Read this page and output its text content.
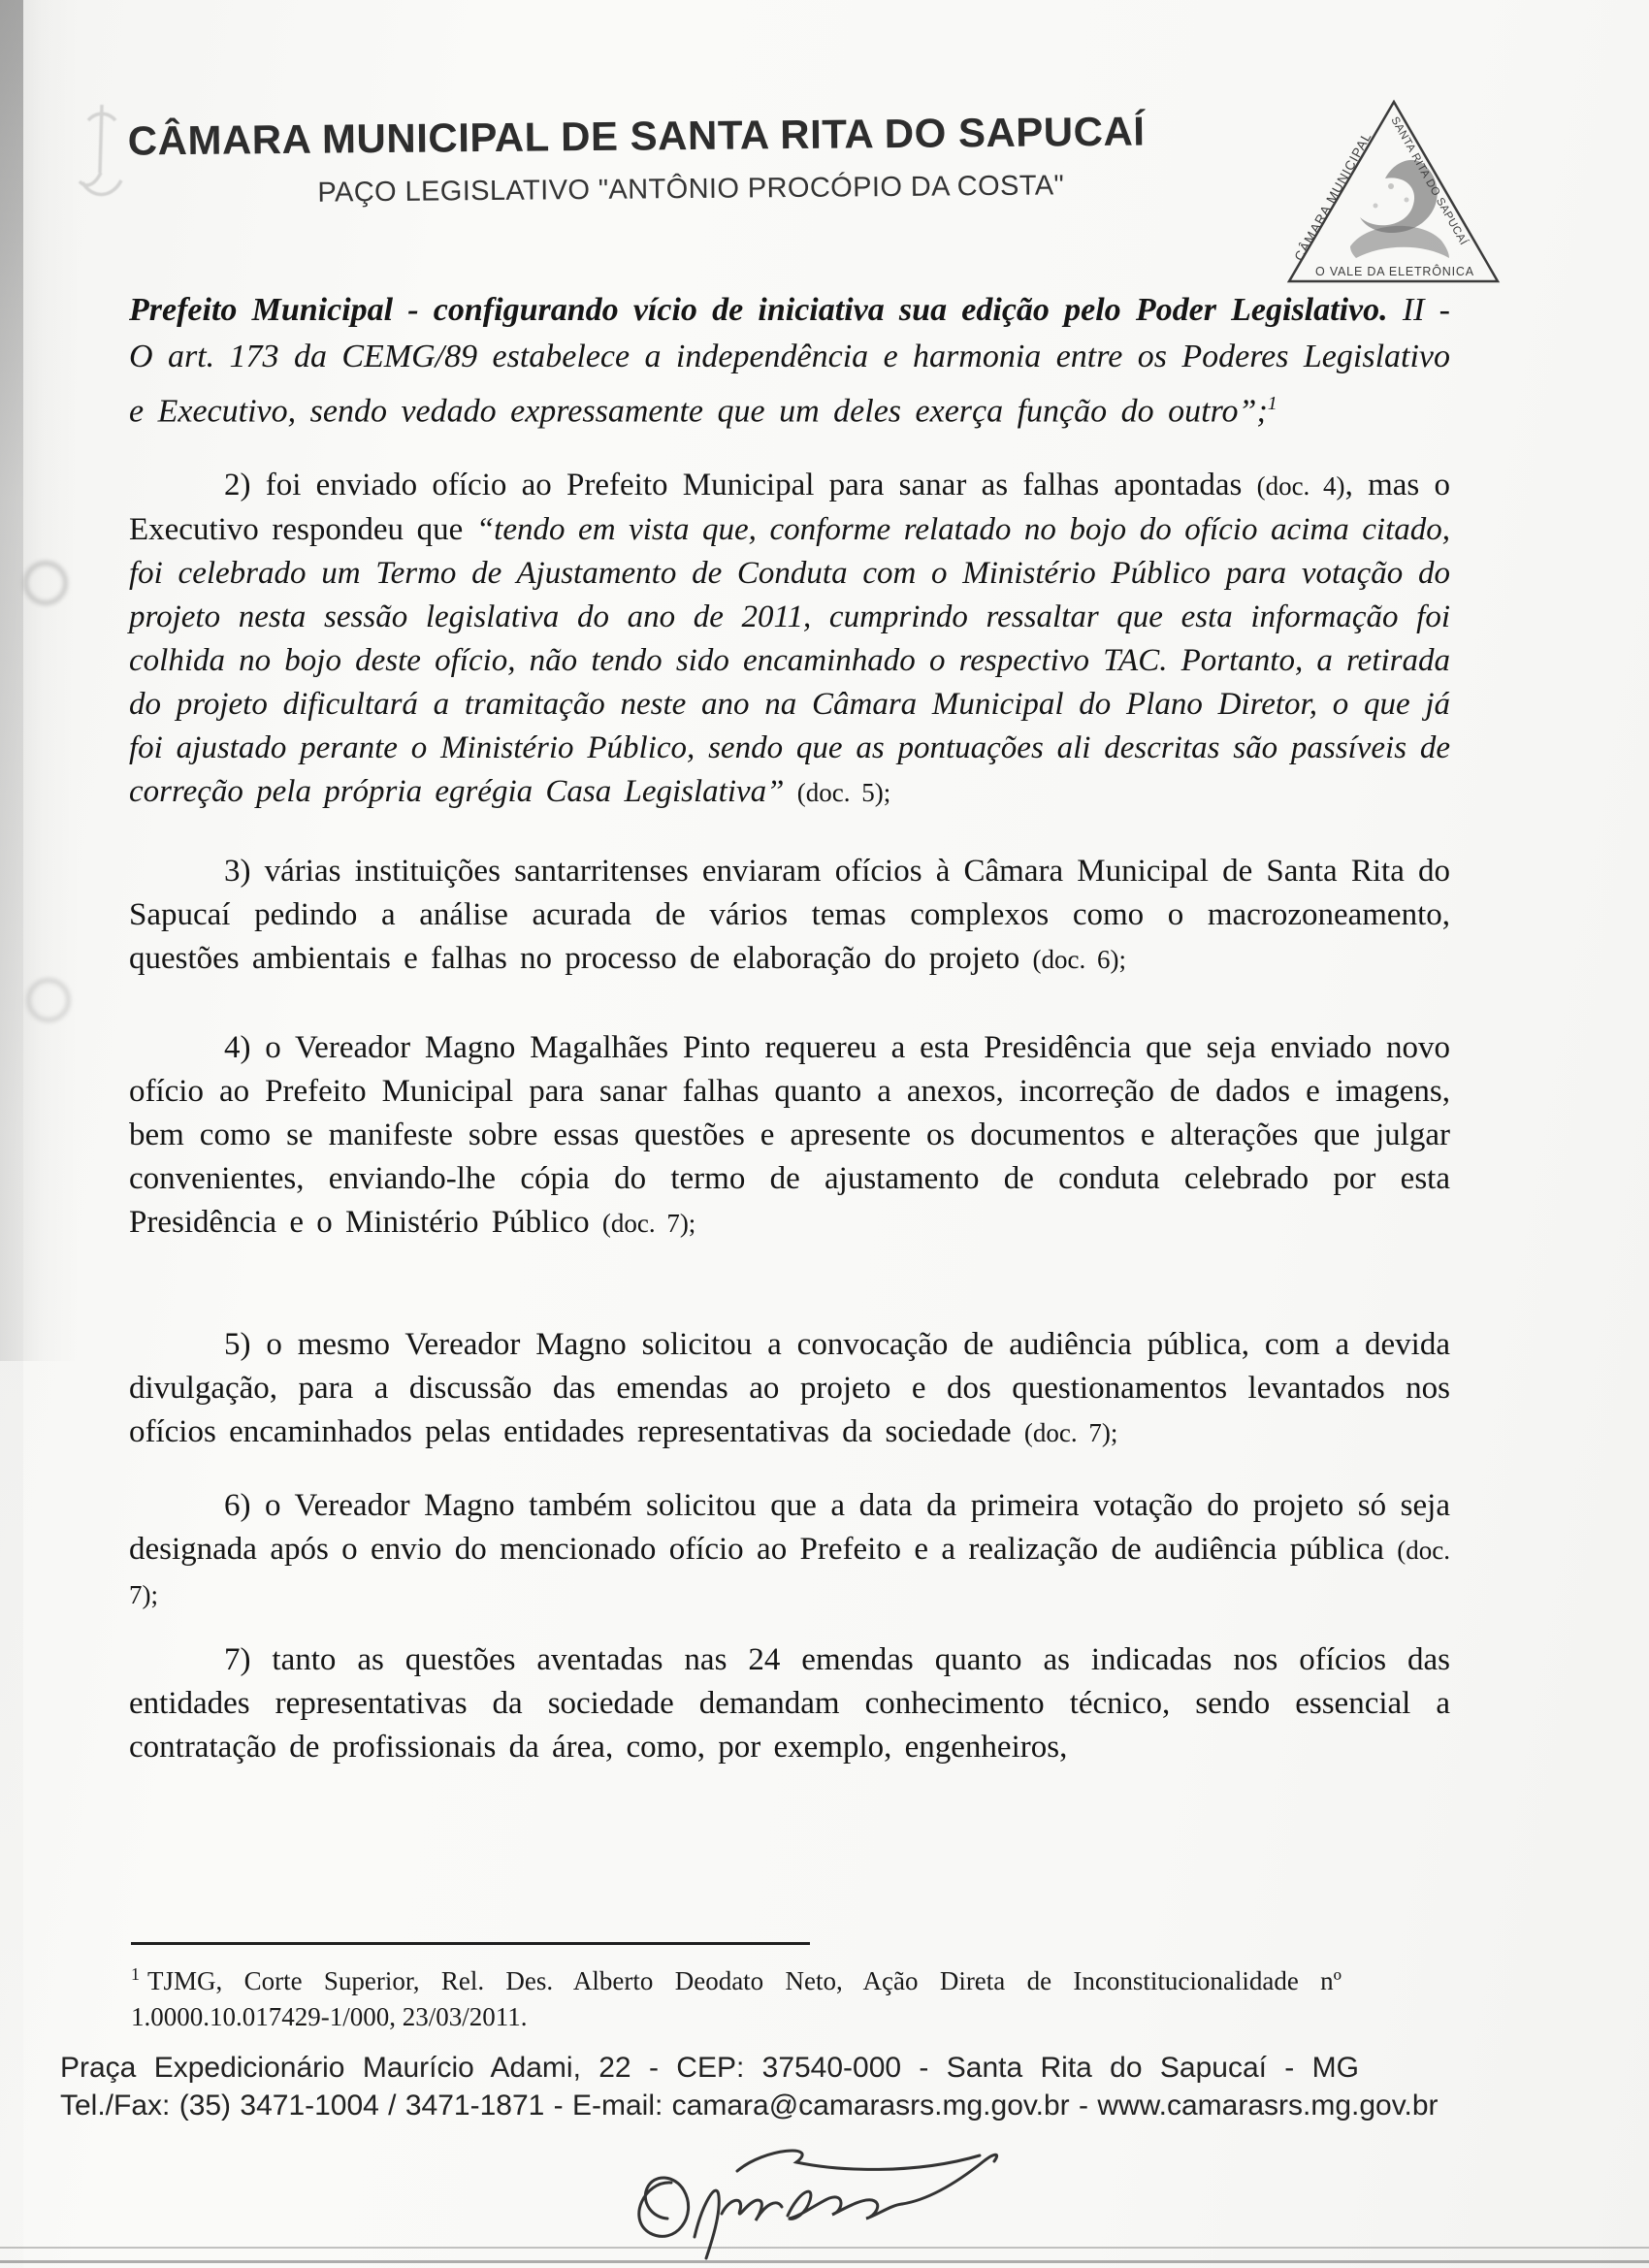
CÂMARA MUNICIPAL DE SANTA RITA DO SAPUCAÍ
PAÇO LEGISLATIVO "ANTÔNIO PROCÓPIO DA COSTA"
CÂMARA MUNICIPAL
SANTA RITA DO SAPUCAÍ
O VALE DA ELETRÔNICA

Prefeito Municipal - configurando vício de iniciativa sua edição pelo Poder Legislativo. II - O art. 173 da CEMG/89 estabelece a independência e harmonia entre os Poderes Legislativo e Executivo, sendo vedado expressamente que um deles exerça função do outro”;$^1$

2) foi enviado ofício ao Prefeito Municipal para sanar as falhas apontadas (doc. 4), mas o Executivo respondeu que “tendo em vista que, conforme relatado no bojo do ofício acima citado, foi celebrado um Termo de Ajustamento de Conduta com o Ministério Público para votação do projeto nesta sessão legislativa do ano de 2011, cumprindo ressaltar que esta informação foi colhida no bojo deste ofício, não tendo sido encaminhado o respectivo TAC. Portanto, a retirada do projeto dificultará a tramitação neste ano na Câmara Municipal do Plano Diretor, o que já foi ajustado perante o Ministério Público, sendo que as pontuações ali descritas são passíveis de correção pela própria egrégia Casa Legislativa” (doc. 5);

3) várias instituições santarritenses enviaram ofícios à Câmara Municipal de Santa Rita do Sapucaí pedindo a análise acurada de vários temas complexos como o macrozoneamento, questões ambientais e falhas no processo de elaboração do projeto (doc. 6);

4) o Vereador Magno Magalhães Pinto requereu a esta Presidência que seja enviado novo ofício ao Prefeito Municipal para sanar falhas quanto a anexos, incorreção de dados e imagens, bem como se manifeste sobre essas questões e apresente os documentos e alterações que julgar convenientes, enviando-lhe cópia do termo de ajustamento de conduta celebrado por esta Presidência e o Ministério Público (doc. 7);

5) o mesmo Vereador Magno solicitou a convocação de audiência pública, com a devida divulgação, para a discussão das emendas ao projeto e dos questionamentos levantados nos ofícios encaminhados pelas entidades representativas da sociedade (doc. 7);

6) o Vereador Magno também solicitou que a data da primeira votação do projeto só seja designada após o envio do mencionado ofício ao Prefeito e a realização de audiência pública (doc. 7);

7) tanto as questões aventadas nas 24 emendas quanto as indicadas nos ofícios das entidades representativas da sociedade demandam conhecimento técnico, sendo essencial a contratação de profissionais da área, como, por exemplo, engenheiros,

$^1$ TJMG, Corte Superior, Rel. Des. Alberto Deodato Neto, Ação Direta de Inconstitucionalidade nº 1.0000.10.017429-1/000, 23/03/2011.
Praça Expedicionário Maurício Adami, 22 - CEP: 37540-000 - Santa Rita do Sapucaí - MG
Tel./Fax: (35) 3471-1004 / 3471-1871 - E-mail: camara@camarasrs.mg.gov.br - www.camarasrs.mg.gov.br
